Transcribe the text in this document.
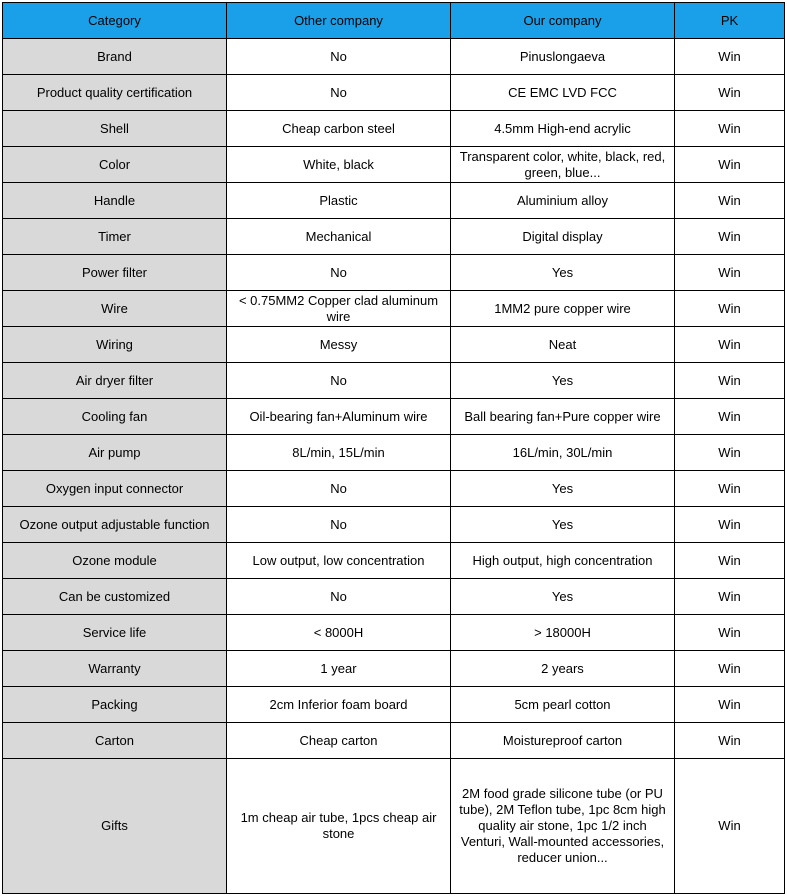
Category	Other company	Our company	PK
Brand	No	Pinuslongaeva	Win
Product quality certification	No	CE EMC LVD FCC	Win
Shell	Cheap carbon steel	4.5mm High-end acrylic	Win
Color	White, black	Transparent color, white, black, red, green, blue...	Win
Handle	Plastic	Aluminium alloy	Win
Timer	Mechanical	Digital display	Win
Power filter	No	Yes	Win
Wire	< 0.75MM2 Copper clad aluminum wire	1MM2 pure copper wire	Win
Wiring	Messy	Neat	Win
Air dryer filter	No	Yes	Win
Cooling fan	Oil-bearing fan+Aluminum wire	Ball bearing fan+Pure copper wire	Win
Air pump	8L/min, 15L/min	16L/min, 30L/min	Win
Oxygen input connector	No	Yes	Win
Ozone output adjustable function	No	Yes	Win
Ozone module	Low output, low concentration	High output, high concentration	Win
Can be customized	No	Yes	Win
Service life	< 8000H	> 18000H	Win
Warranty	1 year	2 years	Win
Packing	2cm Inferior foam board	5cm pearl cotton	Win
Carton	Cheap carton	Moistureproof carton	Win
Gifts	1m cheap air tube, 1pcs cheap air stone	2M food grade silicone tube (or PU tube), 2M Teflon tube, 1pc 8cm high quality air stone, 1pc 1/2 inch Venturi, Wall-mounted accessories, reducer union...	Win
